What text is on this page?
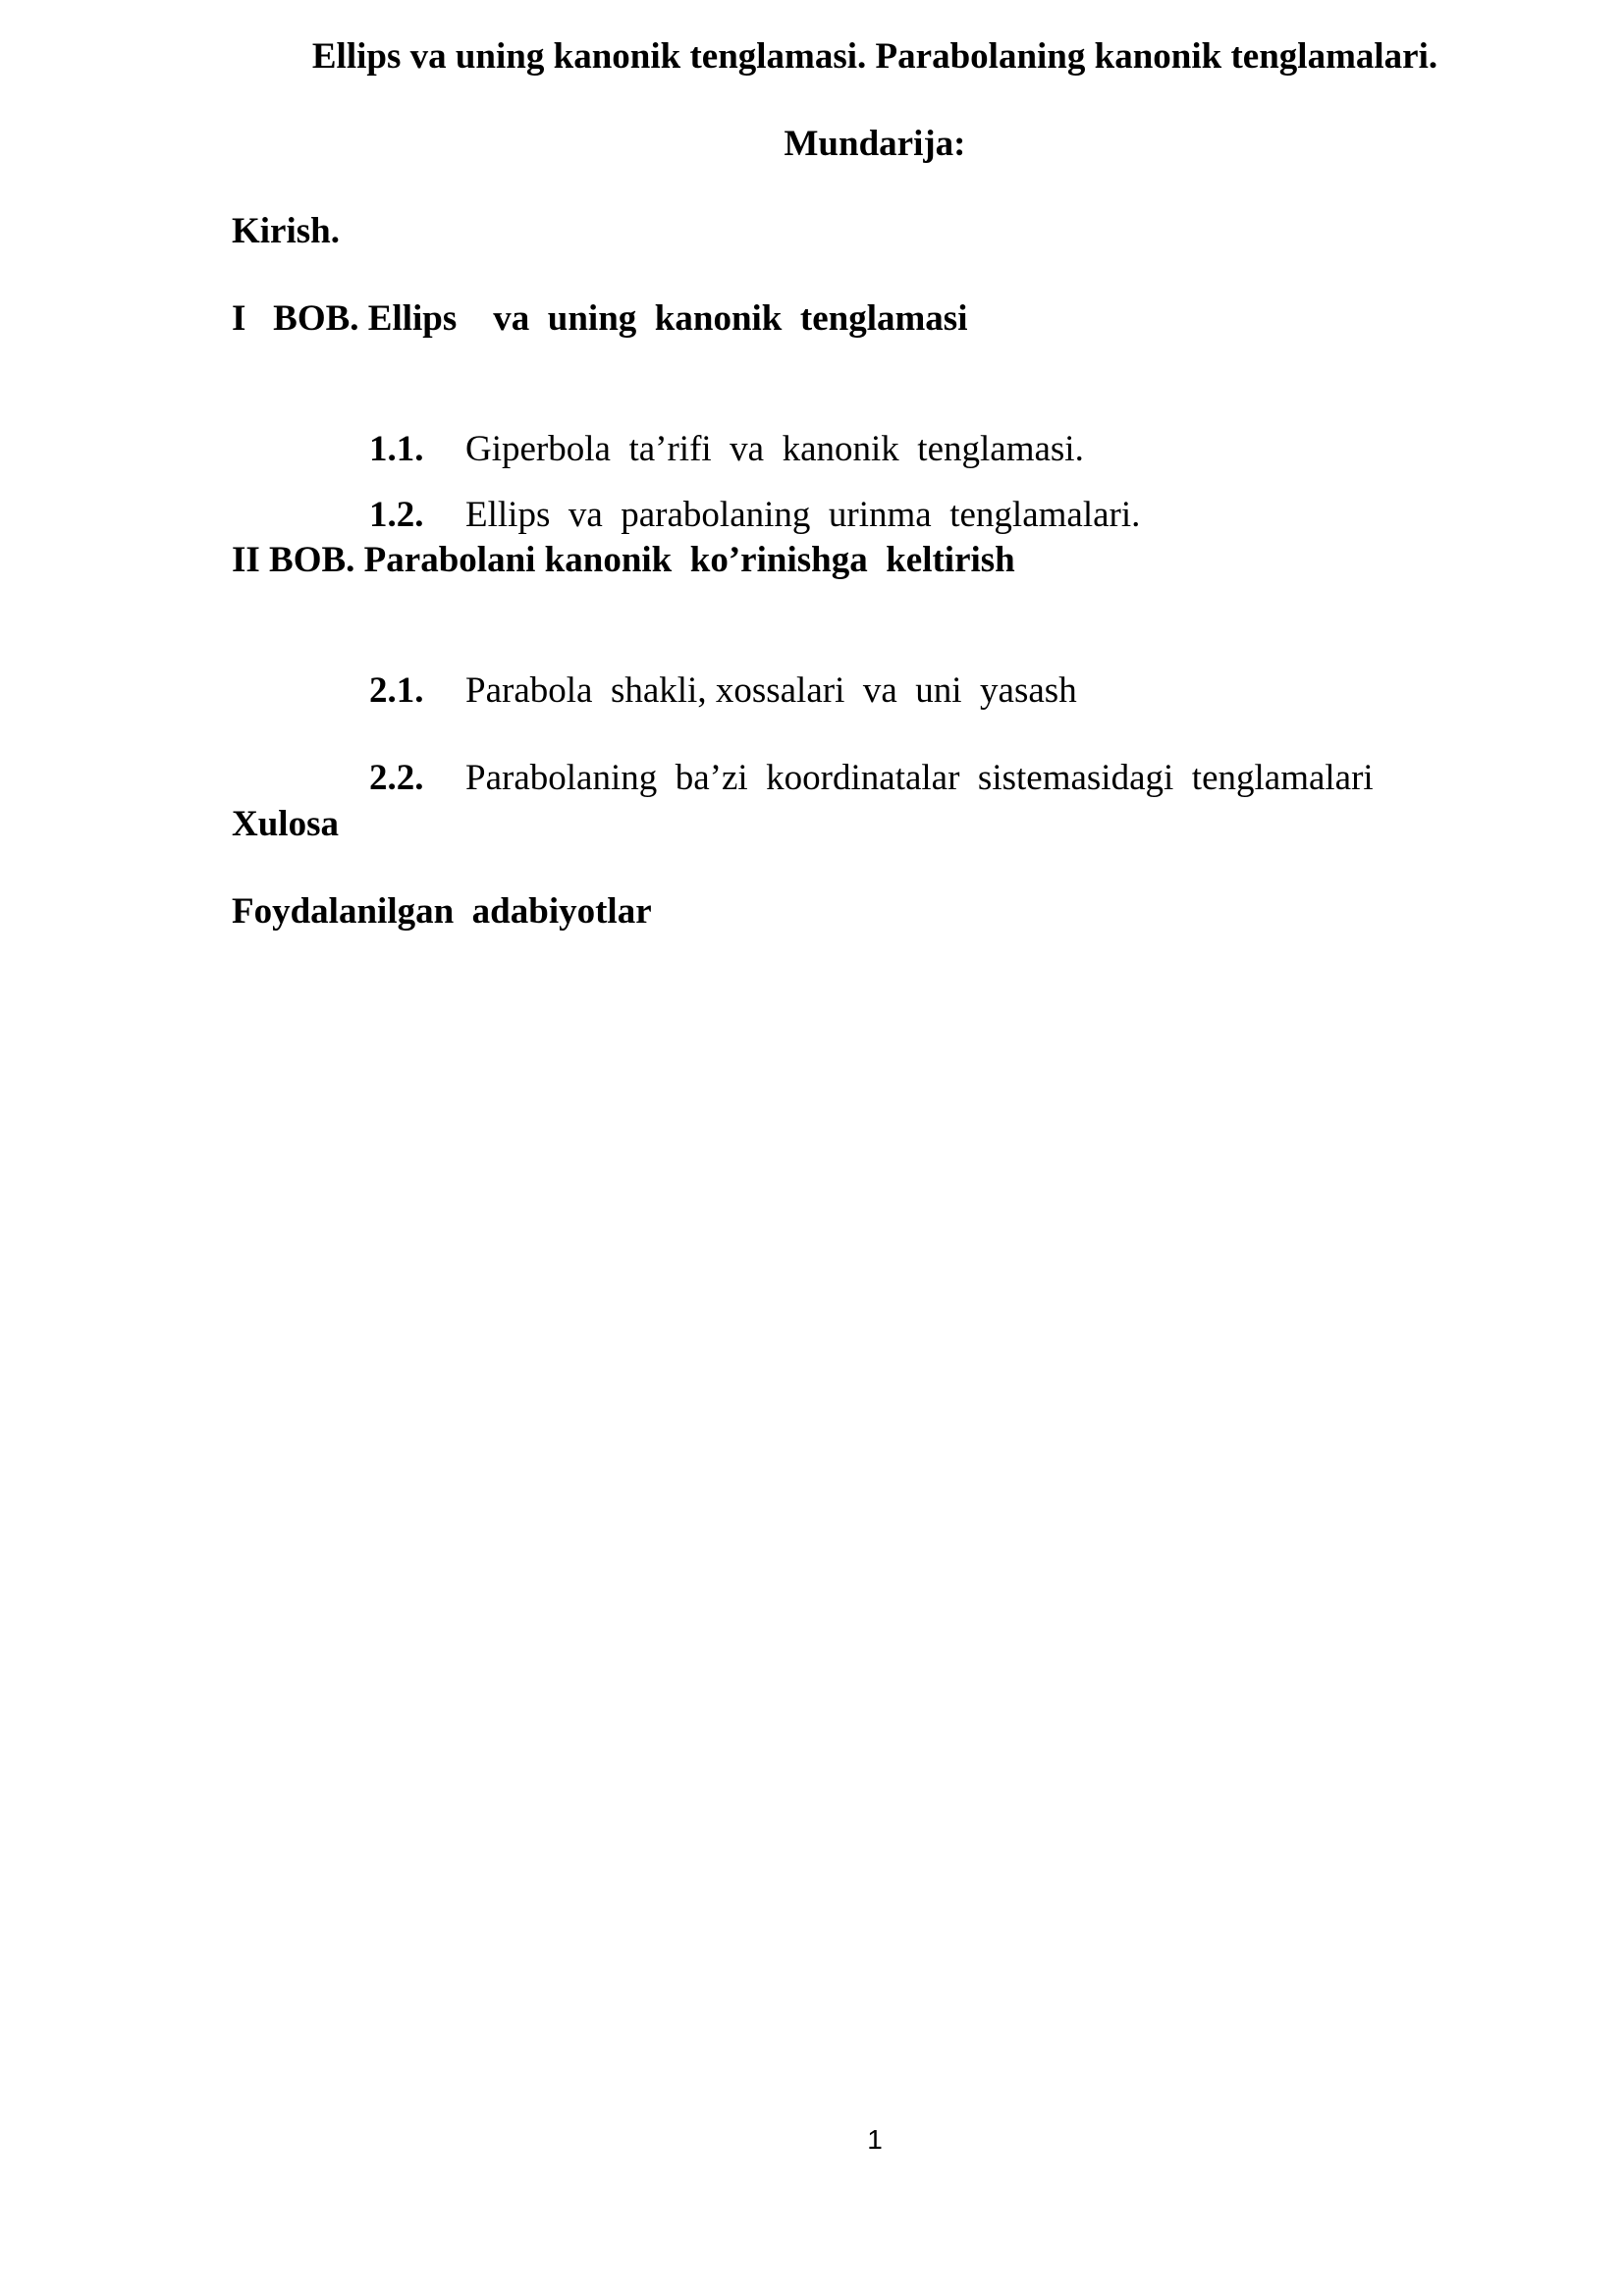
Ellips va uning kanonik tenglamasi. Parabolaning kanonik tenglamalari.
Mundarija:
Kirish.
I   BOB. Ellips    va  uning  kanonik  tenglamasi

1.1. Giperbola  ta’rifi  va  kanonik  tenglamasi.

1.2. Ellips  va  parabolaning  urinma  tenglamalari.

II BOB. Parabolani kanonik  ko’rinishga  keltirish

2.1. Parabola  shakli, xossalari  va  uni  yasash

2.2. Parabolaning  ba’zi  koordinatalar  sistemasidagi  tenglamalari

Xulosa
Foydalanilgan  adabiyotlar
1
